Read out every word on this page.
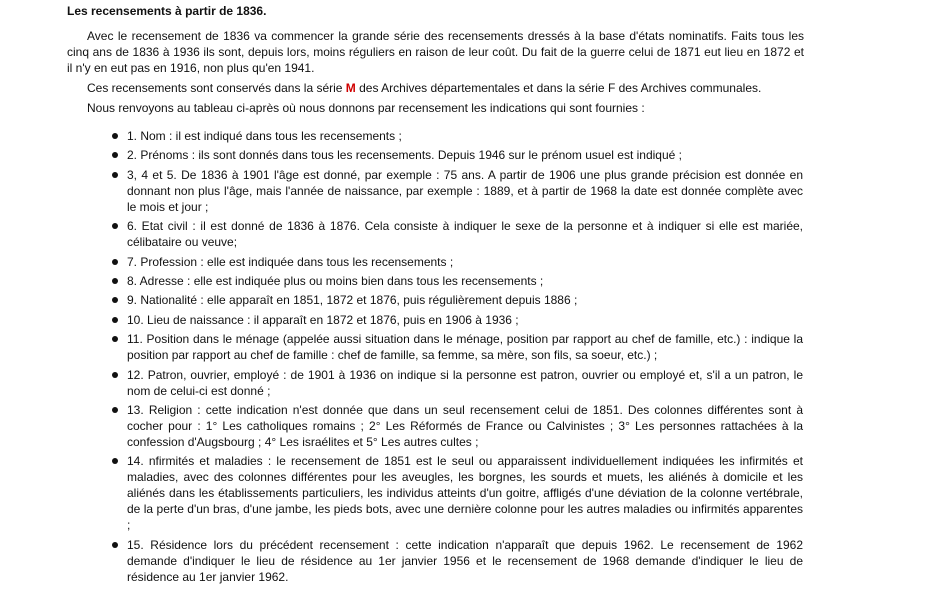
Les recensements à partir de 1836.

Avec le recensement de 1836 va commencer la grande série des recensements dressés à la base d'états nominatifs. Faits tous les cinq ans de 1836 à 1936 ils sont, depuis lors, moins réguliers en raison de leur coût. Du fait de la guerre celui de 1871 eut lieu en 1872 et il n'y en eut pas en 1916, non plus qu'en 1941.

Ces recensements sont conservés dans la série M des Archives départementales et dans la série F des Archives communales.

Nous renvoyons au tableau ci-après où nous donnons par recensement les indications qui sont fournies :

1. Nom : il est indiqué dans tous les recensements ;
2. Prénoms : ils sont donnés dans tous les recensements. Depuis 1946 sur le prénom usuel est indiqué ;
3, 4 et 5. De 1836 à 1901 l'âge est donné, par exemple : 75 ans. A partir de 1906 une plus grande précision est donnée en donnant non plus l'âge, mais l'année de naissance, par exemple : 1889, et à partir de 1968 la date est donnée complète avec le mois et jour ;
6. Etat civil : il est donné de 1836 à 1876. Cela consiste à indiquer le sexe de la personne et à indiquer si elle est mariée, célibataire ou veuve;
7. Profession : elle est indiquée dans tous les recensements ;
8. Adresse : elle est indiquée plus ou moins bien dans tous les recensements ;
9. Nationalité : elle apparaît en 1851, 1872 et 1876, puis régulièrement depuis 1886 ;
10. Lieu de naissance : il apparaît en 1872 et 1876, puis en 1906 à 1936 ;
11. Position dans le ménage (appelée aussi situation dans le ménage, position par rapport au chef de famille, etc.) : indique la position par rapport au chef de famille : chef de famille, sa femme, sa mère, son fils, sa soeur, etc.) ;
12. Patron, ouvrier, employé : de 1901 à 1936 on indique si la personne est patron, ouvrier ou employé et, s'il a un patron, le nom de celui-ci est donné ;
13. Religion : cette indication n'est donnée que dans un seul recensement celui de 1851. Des colonnes différentes sont à cocher pour : 1° Les catholiques romains ; 2° Les Réformés de France ou Calvinistes ; 3° Les personnes rattachées à la confession d'Augsbourg ; 4° Les israélites et 5° Les autres cultes ;
14. nfirmités et maladies : le recensement de 1851 est le seul ou apparaissent individuellement indiquées les infirmités et maladies, avec des colonnes différentes pour les aveugles, les borgnes, les sourds et muets, les aliénés à domicile et les aliénés dans les établissements particuliers, les individus atteints d'un goitre, affligés d'une déviation de la colonne vertébrale, de la perte d'un bras, d'une jambe, les pieds bots, avec une dernière colonne pour les autres maladies ou infirmités apparentes ;
15. Résidence lors du précédent recensement : cette indication n'apparaît que depuis 1962. Le recensement de 1962 demande d'indiquer le lieu de résidence au 1er janvier 1956 et le recensement de 1968 demande d'indiquer le lieu de résidence au 1er janvier 1962.
